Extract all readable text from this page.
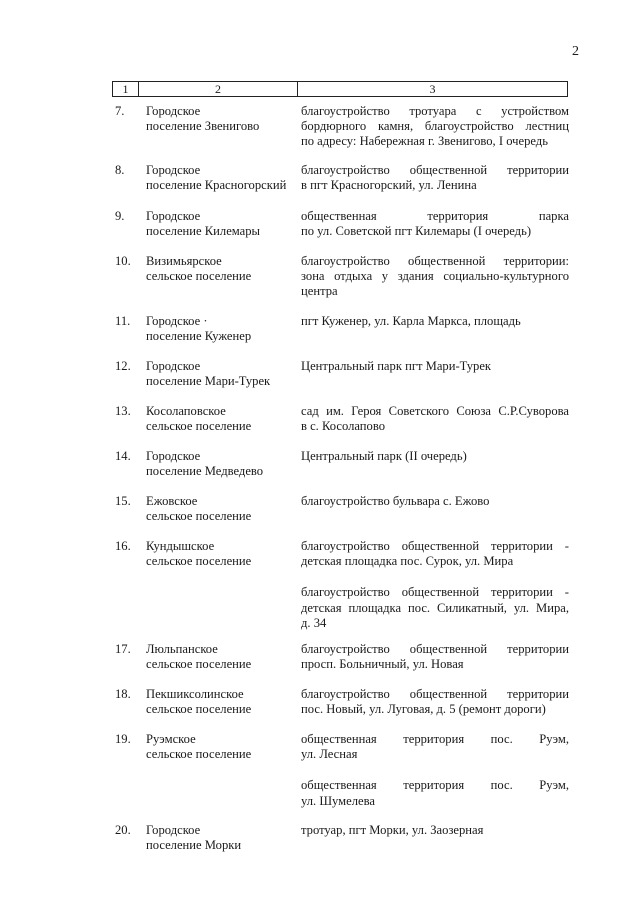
2
1	2	3
7. Городское
поселение Звенигово
благоустройство тротуара с устройством
бордюрного камня, благоустройство лестниц
по адресу: Набережная г. Звенигово, I очередь
8. Городское
поселение Красногорский
благоустройство общественной территории
в пгт Красногорский, ул. Ленина
9. Городское
поселение Килемары
общественная территория парка
по ул. Советской пгт Килемары (I очередь)
10. Визимьярское
сельское поселение
благоустройство общественной территории:
зона отдыха у здания социально-культурного
центра
11. Городское ·
поселение Куженер
пгт Куженер, ул. Карла Маркса, площадь
12. Городское
поселение Мари-Турек
Центральный парк пгт Мари-Турек
13. Косолаповское
сельское поселение
сад им. Героя Советского Союза С.Р.Суворова
в с. Косолапово
14. Городское
поселение Медведево
Центральный парк (II очередь)
15. Ежовское
сельское поселение
благоустройство бульвара с. Ежово
16. Кундышское
сельское поселение
благоустройство общественной территории -
детская площадка пос. Сурок, ул. Мира
благоустройство общественной территории -
детская площадка пос. Силикатный, ул. Мира,
д. 34
17. Люльпанское
сельское поселение
благоустройство общественной территории
просп. Больничный, ул. Новая
18. Пекшиксолинское
сельское поселение
благоустройство общественной территории
пос. Новый, ул. Луговая, д. 5 (ремонт дороги)
19. Руэмское
сельское поселение
общественная территория пос. Руэм,
ул. Лесная
общественная территория пос. Руэм,
ул. Шумелева
20. Городское
поселение Морки
тротуар, пгт Морки, ул. Заозерная
